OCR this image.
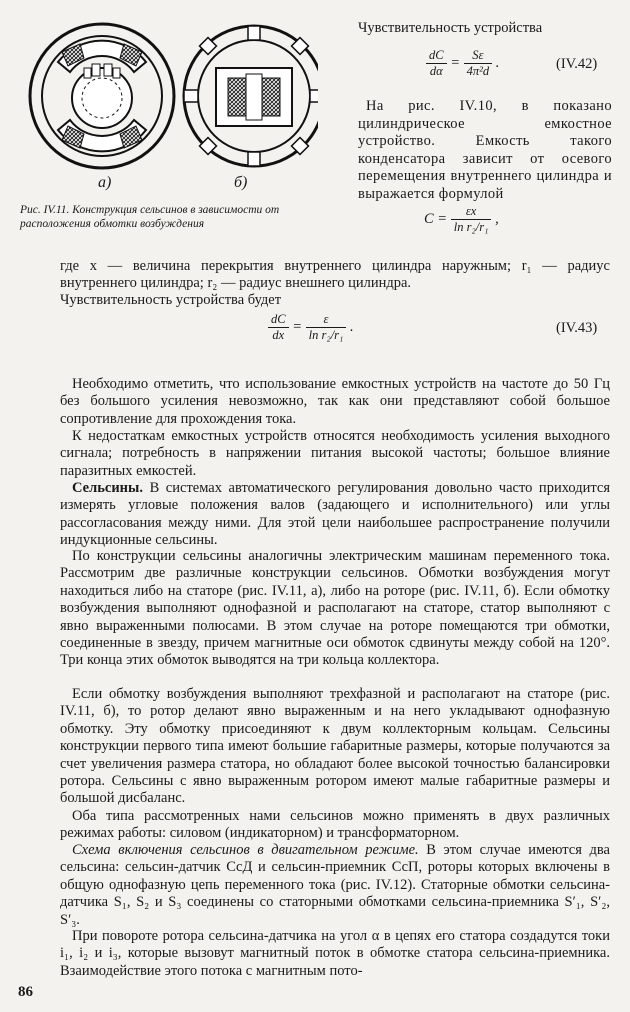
а)	б)
Рис. IV.11. Конструкция сельсинов в зависимости от расположения обмотки возбуждения
Чувствительность устройства
$\frac{dC}{d\alpha} = \frac{S\varepsilon}{\text{4π²d}}$ .	(IV.42)
На рис. IV.10, в показано цилиндрическое емкостное устройство. Емкость такого конденсатора зависит от осевого перемещения внутреннего цилиндра и выражается формулой
$C = \frac{\varepsilon x}{\text{ln r₂/r₁}}$ ,
где x — величина перекрытия внутреннего цилиндра наружным; r₁ — радиус внутреннего цилиндра; r₂ — радиус внешнего цилиндра.
Чувствительность устройства будет
$\frac{dC}{dx} = \frac{\varepsilon}{\text{ln r₂/r₁}}$ .	(IV.43)
Необходимо отметить, что использование емкостных устройств на частоте до 50 Гц без большого усиления невозможно, так как они представляют собой большое сопротивление для прохождения тока.
К недостаткам емкостных устройств относятся необходимость усиления выходного сигнала; потребность в напряжении питания высокой частоты; большое влияние паразитных емкостей.
Сельсины. В системах автоматического регулирования довольно часто приходится измерять угловые положения валов (задающего и исполнительного) или углы рассогласования между ними. Для этой цели наибольшее распространение получили индукционные сельсины.
По конструкции сельсины аналогичны электрическим машинам переменного тока. Рассмотрим две различные конструкции сельсинов. Обмотки возбуждения могут находиться либо на статоре (рис. IV.11, а), либо на роторе (рис. IV.11, б). Если обмотку возбуждения выполняют однофазной и располагают на статоре, статор выполняют с явно выраженными полюсами. В этом случае на роторе помещаются три обмотки, соединенные в звезду, причем магнитные оси обмоток сдвинуты между собой на 120°. Три конца этих обмоток выводятся на три кольца коллектора.
Если обмотку возбуждения выполняют трехфазной и располагают на статоре (рис. IV.11, б), то ротор делают явно выраженным и на него укладывают однофазную обмотку. Эту обмотку присоединяют к двум коллекторным кольцам. Сельсины конструкции первого типа имеют большие габаритные размеры, которые получаются за счет увеличения размера статора, но обладают более высокой точностью балансировки ротора. Сельсины с явно выраженным ротором имеют малые габаритные размеры и большой дисбаланс.
Оба типа рассмотренных нами сельсинов можно применять в двух различных режимах работы: силовом (индикаторном) и трансформаторном.
Схема включения сельсинов в двигательном режиме. В этом случае имеются два сельсина: сельсин-датчик СсД и сельсин-приемник СсП, роторы которых включены в общую однофазную цепь переменного тока (рис. IV.12). Статорные обмотки сельсина-датчика S₁, S₂ и S₃ соединены со статорными обмотками сельсина-приемника S′₁, S′₂, S′₃.
При повороте ротора сельсина-датчика на угол α в цепях его статора создадутся токи i₁, i₂ и i₃, которые вызовут магнитный поток в обмотке статора сельсина-приемника. Взаимодействие этого потока с магнитным пото-
86
